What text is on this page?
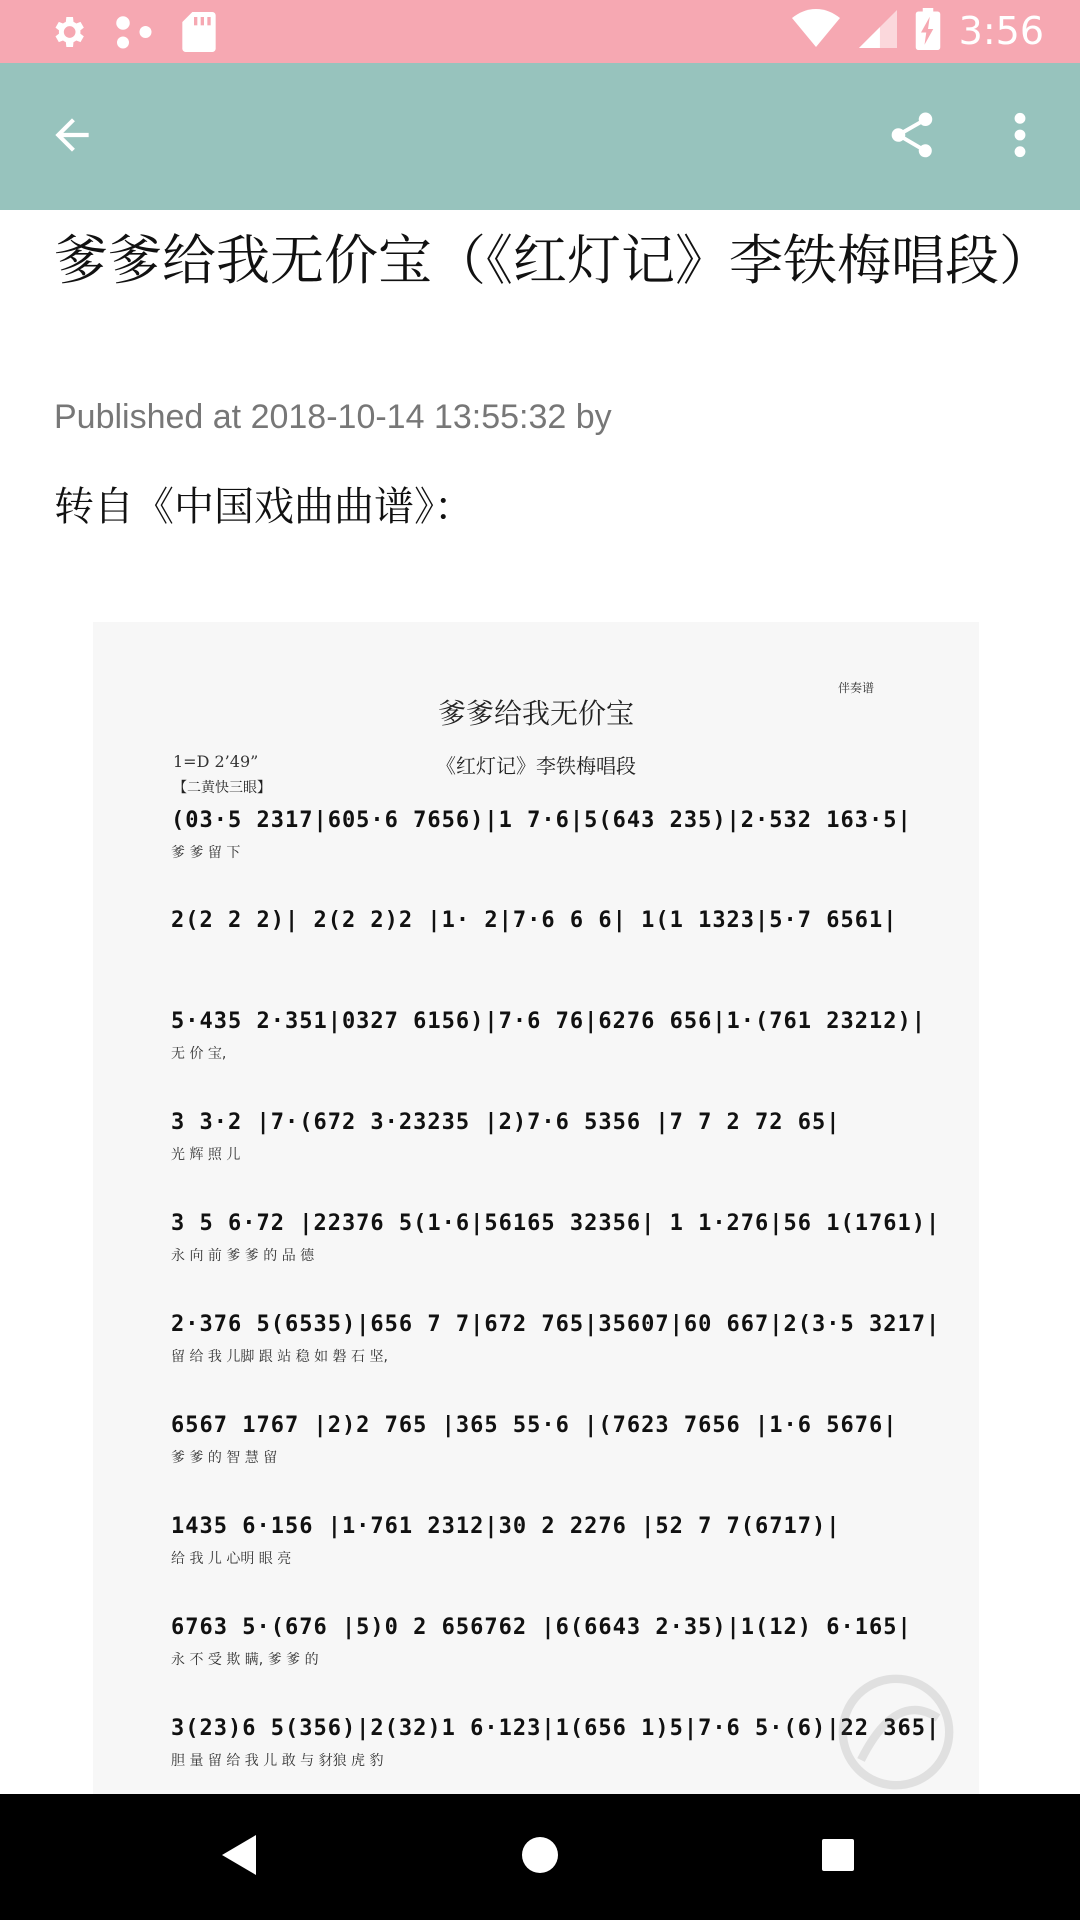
3:56
爹爹给我无价宝（《红灯记》李铁梅唱段）
Published at 2018-10-14 13:55:32 by
转自《中国戏曲曲谱》：
伴奏谱
爹爹给我无价宝
1=D 2’49”	《红灯记》李铁梅唱段
【二黄快三眼】
(03·5 2317|605·6 7656)|1 7·6|5(643 235)|2·532 163·5|
爹 爹 留 下
2(2 2 2)| 2(2 2)2 |1· 2|7·6 6 6| 1(1 1323|5·7 6561|
5·435 2·351|0327 6156)|7·6 76|6276 656|1·(761 23212)|
无 价 宝,
3 3·2 |7·(672 3·23235 |2)7·6 5356 |7 7 2 72 65|
光 辉 照 儿
3 5 6·72 |22376 5(1·6|56165 32356| 1 1·276|56 1(1761)|
永 向 前 爹 爹 的 品 德
2·376 5(6535)|656 7 7|672 765|35607|60 667|2(3·5 3217|
留 给 我 儿脚 跟 站 稳 如 磐 石 坚,
6567 1767 |2)2 765 |365 55·6 |(7623 7656 |1·6 5676|
爹 爹 的 智 慧 留
1435 6·156 |1·761 2312|30 2 2276 |52 7 7(6717)|
给 我 儿 心明 眼 亮
6763 5·(676 |5)0 2 656762 |6(6643 2·35)|1(12) 6·165|
永 不 受 欺 瞒, 爹 爹 的
3(23)6 5(356)|2(32)1 6·123|1(656 1)5|7·6 5·(6)|22 365|
胆 量 留 给 我 儿 敢 与 豺狼 虎 豹
